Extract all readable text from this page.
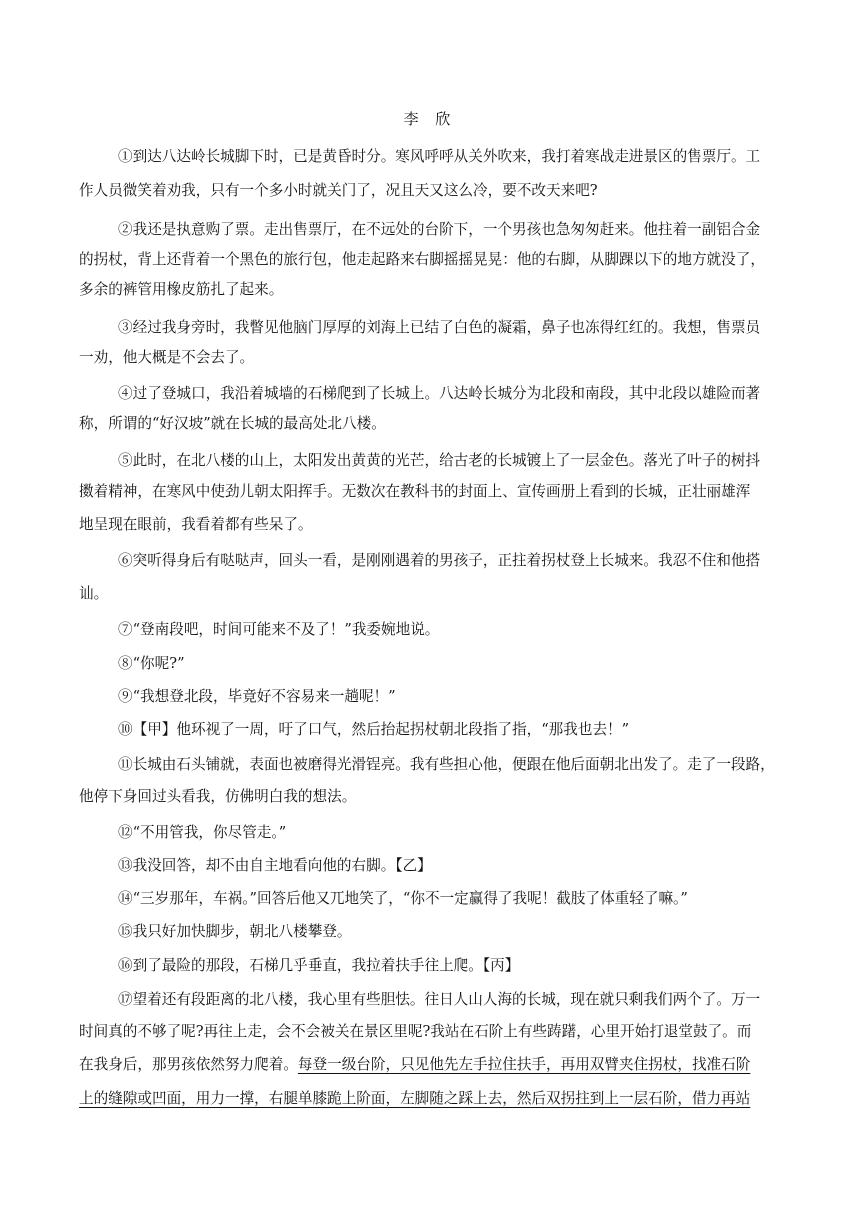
李 欣
①到达八达岭长城脚下时，已是黄昏时分。寒风呼呼从关外吹来，我打着寒战走进景区的售票厅。工
作人员微笑着劝我，只有一个多小时就关门了，况且天又这么冷，要不改天来吧?
②我还是执意购了票。走出售票厅，在不远处的台阶下，一个男孩也急匆匆赶来。他拄着一副铝合金
的拐杖，背上还背着一个黑色的旅行包，他走起路来右脚摇摇晃晃：他的右脚，从脚踝以下的地方就没了，
多余的裤管用橡皮筋扎了起来。
③经过我身旁时，我瞥见他脑门厚厚的刘海上已结了白色的凝霜，鼻子也冻得红红的。我想，售票员
一劝，他大概是不会去了。
④过了登城口，我沿着城墙的石梯爬到了长城上。八达岭长城分为北段和南段，其中北段以雄险而著
称，所谓的“好汉坡”就在长城的最高处北八楼。
⑤此时，在北八楼的山上，太阳发出黄黄的光芒，给古老的长城镀上了一层金色。落光了叶子的树抖
擞着精神，在寒风中使劲儿朝太阳挥手。无数次在教科书的封面上、宣传画册上看到的长城，正壮丽雄浑
地呈现在眼前，我看着都有些呆了。
⑥突听得身后有哒哒声，回头一看，是刚刚遇着的男孩子，正拄着拐杖登上长城来。我忍不住和他搭
讪。
⑦“登南段吧，时间可能来不及了！”我委婉地说。
⑧“你呢?”
⑨“我想登北段，毕竟好不容易来一趟呢！”
⑩【甲】他环视了一周，吁了口气，然后抬起拐杖朝北段指了指，“那我也去！”
⑪长城由石头铺就，表面也被磨得光滑锃亮。我有些担心他，便跟在他后面朝北出发了。走了一段路，
他停下身回过头看我，仿佛明白我的想法。
⑫“不用管我，你尽管走。”
⑬我没回答，却不由自主地看向他的右脚。【乙】
⑭“三岁那年，车祸。”回答后他又兀地笑了，“你不一定赢得了我呢！截肢了体重轻了嘛。”
⑮我只好加快脚步，朝北八楼攀登。
⑯到了最险的那段，石梯几乎垂直，我拉着扶手往上爬。【丙】
⑰望着还有段距离的北八楼，我心里有些胆怯。往日人山人海的长城，现在就只剩我们两个了。万一
时间真的不够了呢?再往上走，会不会被关在景区里呢?我站在石阶上有些踌躇，心里开始打退堂鼓了。而
在我身后，那男孩依然努力爬着。每登一级台阶，只见他先左手拉住扶手，再用双臂夹住拐杖，找准石阶
上的缝隙或凹面，用力一撑，右腿单膝跪上阶面，左脚随之踩上去，然后双拐拄到上一层石阶，借力再站
